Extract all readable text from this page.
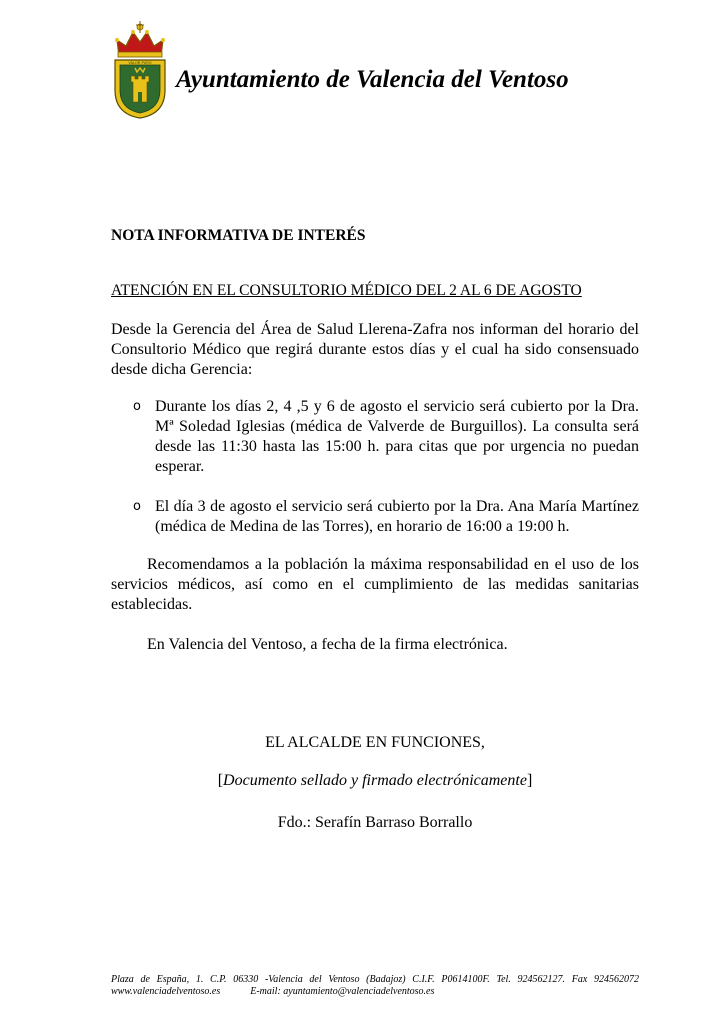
VALOR PURO
Ayuntamiento de Valencia del Ventoso

NOTA INFORMATIVA DE INTERÉS

ATENCIÓN EN EL CONSULTORIO MÉDICO DEL 2 AL 6 DE AGOSTO

Desde la Gerencia del Área de Salud Llerena-Zafra nos informan del horario del Consultorio Médico que regirá durante estos días y el cual ha sido consensuado desde dicha Gerencia:

o Durante los días 2, 4 ,5 y 6 de agosto el servicio será cubierto por la Dra. Mª Soledad Iglesias (médica de Valverde de Burguillos). La consulta será desde las 11:30 hasta las 15:00 h. para citas que por urgencia no puedan esperar.
o El día 3 de agosto el servicio será cubierto por la Dra. Ana María Martínez (médica de Medina de las Torres), en horario de 16:00 a 19:00 h.

Recomendamos a la población la máxima responsabilidad en el uso de los servicios médicos, así como en el cumplimiento de las medidas sanitarias establecidas.

En Valencia del Ventoso, a fecha de la firma electrónica.

EL ALCALDE EN FUNCIONES,

[Documento sellado y firmado electrónicamente]

Fdo.: Serafín Barraso Borrallo

Plaza de España, 1. C.P. 06330 -Valencia del Ventoso (Badajoz) C.I.F. P0614100F. Tel. 924562127. Fax 924562072
www.valenciadelventoso.es	E-mail: ayuntamiento@valenciadelventoso.es
